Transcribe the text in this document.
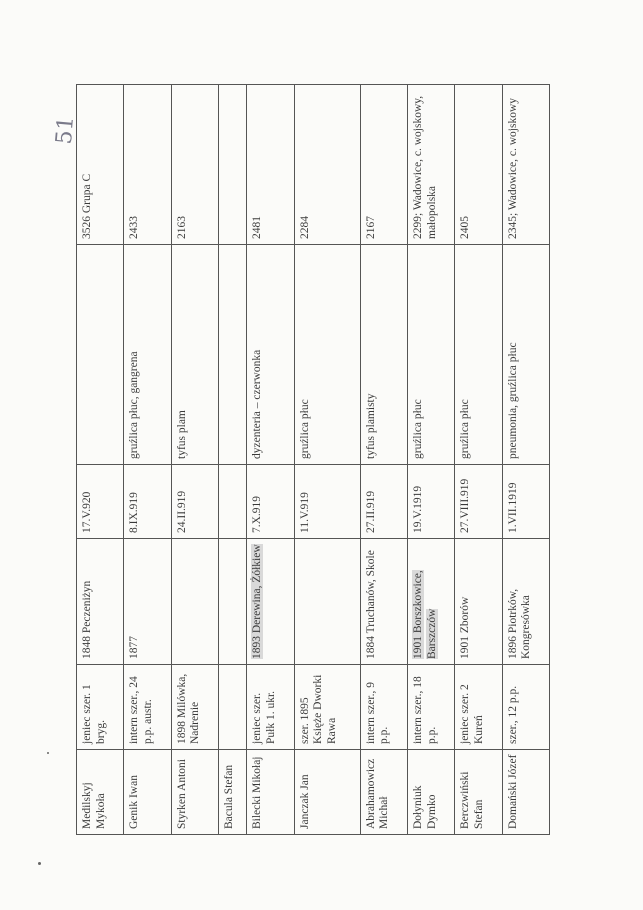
51
Medilskyj Mykoła	jeniec szer. 1 bryg.	1848 Peczeniżyn	17.V.920		3526 Grupa C
Genik Iwan	intern szer., 24 p.p. austr.	1877	8.IX.919	gruźlica płuc, gangrena	2433
Styrken Antoni	1898 Milówka, Nadrenie		24.II.919	tyfus plam	2163
Bacula Stefan					
Bilecki Mikołaj	jeniec szer. Pułk 1. ukr.	1893 Derewina, Żółkiew	7.X.919	dyzenteria – czerwonka	2481
Janczak Jan	szer. 1895 Księże Dworki Rawa		11.V.919	gruźlica płuc	2284
Abrahamowicz Michał	intern szer., 9 p.p.	1884 Truchanów, Skole	27.II.919	tyfus plamisty	2167
Dołyniuk Dymko	intern szer., 18 p.p.	1901 Borszkowice, Barszczów	19.V.1919	gruźlica płuc	2299; Wadowice, c. wojskowy, małopolska
Berczwiński Stefan	jeniec szer. 2 Kureń	1901 Zborów	27.VIII.919	gruźlica płuc	2405
Domański Józef	szer., 12 p.p.	1896 Piotrków, Kongresówka	1.VII.1919	pneumonia, gruźlica płuc	2345; Wadowice, c. wojskowy
